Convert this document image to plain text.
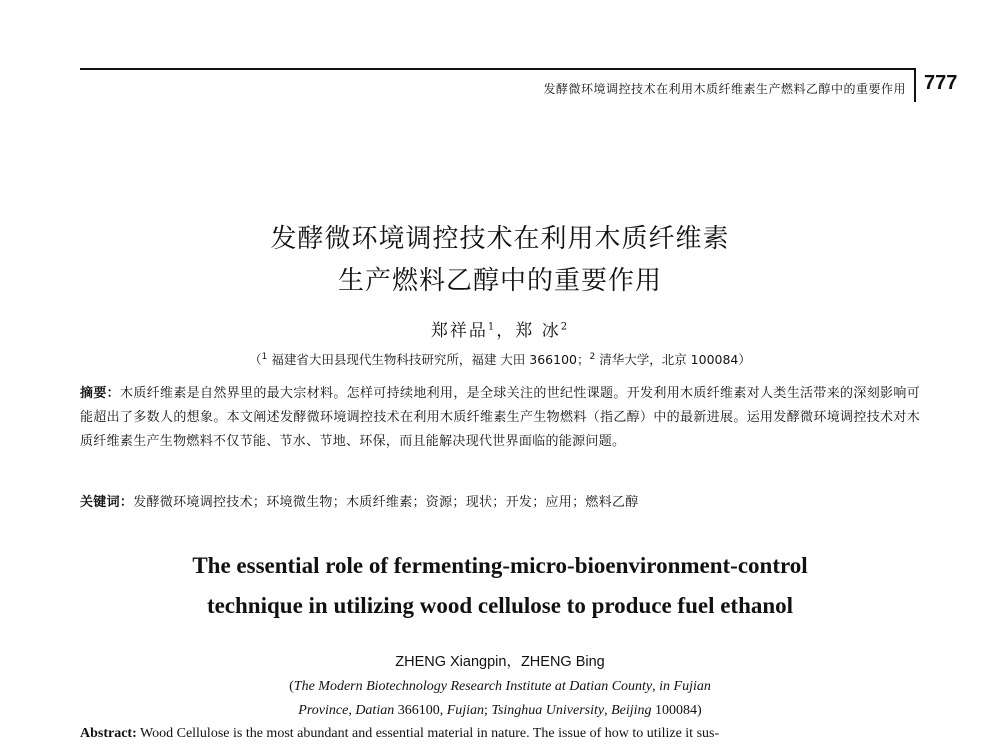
发酵微环境调控技术在利用木质纤维素生产燃料乙醇中的重要作用 777
发酵微环境调控技术在利用木质纤维素
生产燃料乙醇中的重要作用
郑祥品$^1$，郑 冰$^2$
（$^1$ 福建省大田县现代生物科技研究所，福建 大田 366100；$^2$ 清华大学，北京 100084）
摘要：木质纤维素是自然界里的最大宗材料。怎样可持续地利用，是全球关注的世纪性课题。开发利用木质纤维素对人类生活带来的深刻影响可能超出了多数人的想象。本文阐述发酵微环境调控技术在利用木质纤维素生产生物燃料（指乙醇）中的最新进展。运用发酵微环境调控技术对木质纤维素生产生物燃料不仅节能、节水、节地、环保，而且能解决现代世界面临的能源问题。
关键词：发酵微环境调控技术；环境微生物；木质纤维素；资源；现状；开发；应用；燃料乙醇
The essential role of fermenting-micro-bioenvironment-control
technique in utilizing wood cellulose to produce fuel ethanol
ZHENG Xiangpin，ZHENG Bing
(The Modern Biotechnology Research Institute at Datian County, in Fujian
Province, Datian 366100, Fujian; Tsinghua University, Beijing 100084)
Abstract: Wood Cellulose is the most abundant and essential material in nature. The issue of how to utilize it sus-
